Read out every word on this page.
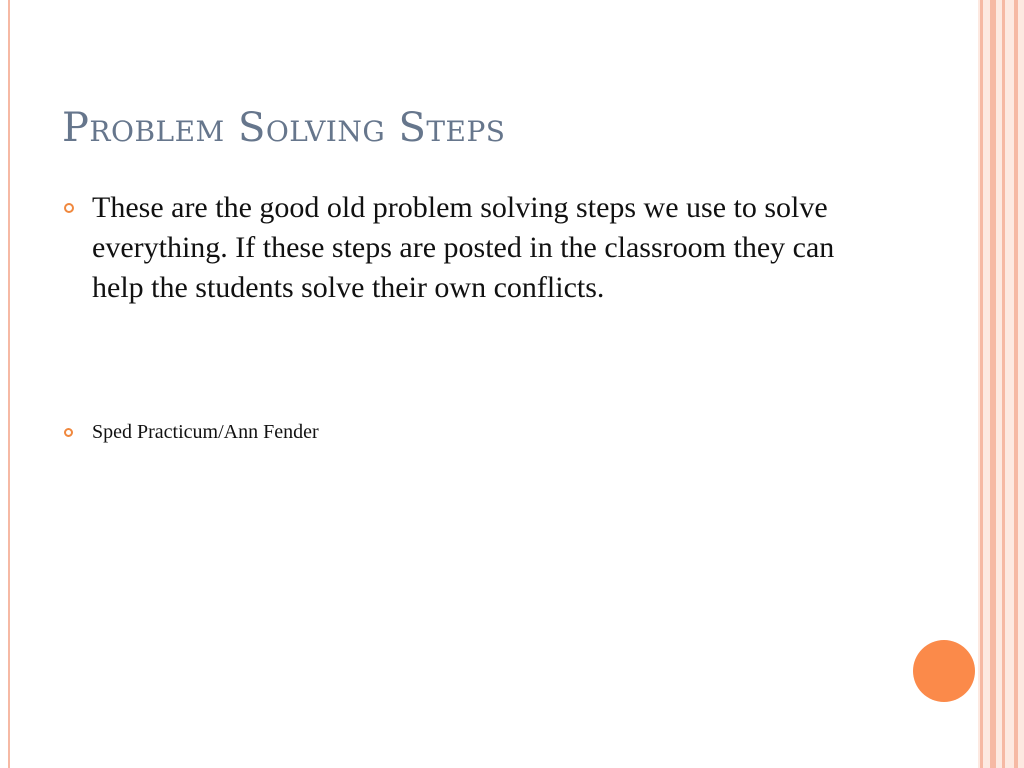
Problem Solving Steps
These are the good old problem solving steps we use to solve everything. If these steps are posted in the classroom they can help the students solve their own conflicts.
Sped Practicum/Ann Fender
